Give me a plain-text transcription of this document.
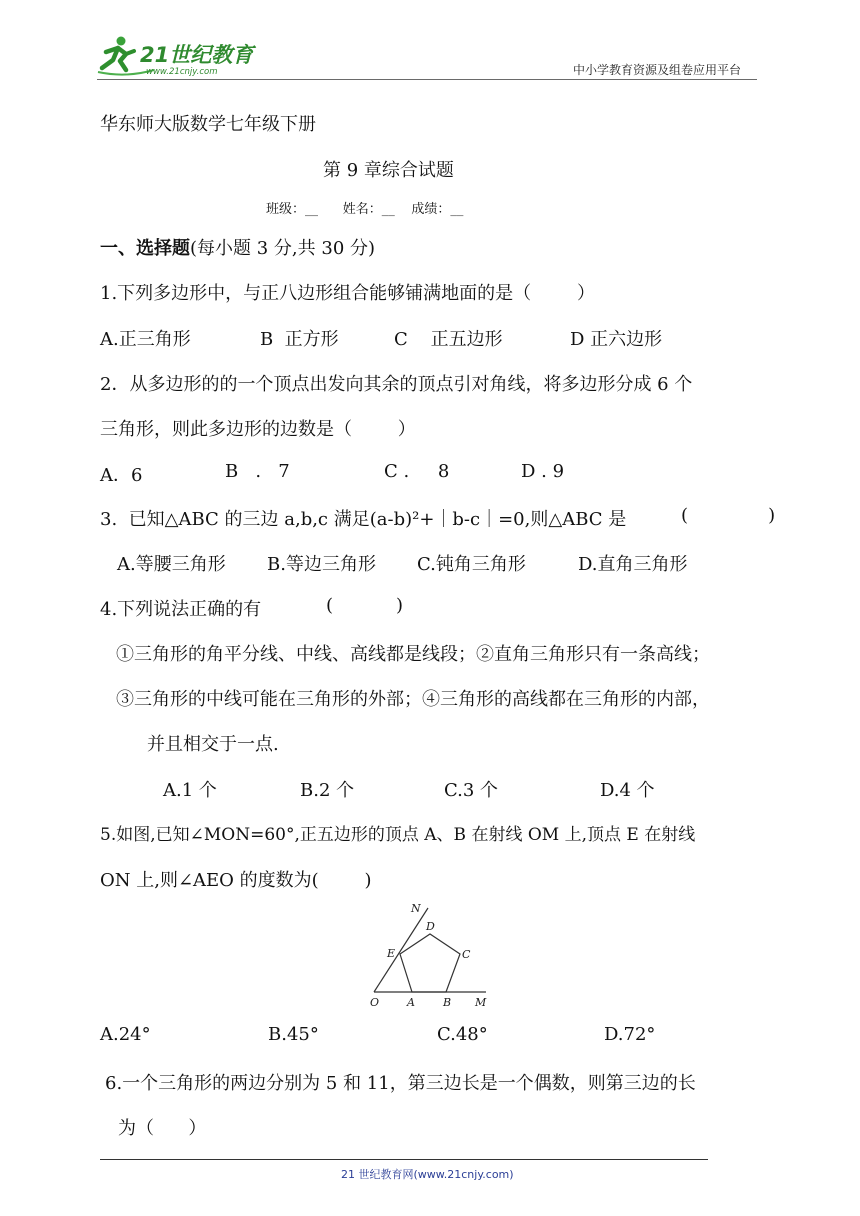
21世纪教育
www.21cnjy.com	中小学教育资源及组卷应用平台
华东师大版数学七年级下册
第 9 章综合试题
班级：__      姓名：__    成绩：__
一、选择题(每小题 3 分,共 30 分)
1.下列多边形中，与正八边形组合能够铺满地面的是（        ）
A.正三角形	B  正方形	C    正五边形	D 正六边形
2．从多边形的的一个顶点出发向其余的顶点引对角线，将多边形分成 6 个
三角形，则此多边形的边数是（        ）
A．6	B   .   7	C .     8	D . 9
3.  已知△ABC 的三边 a,b,c 满足(a-b)²+｜b-c｜=0,则△ABC 是	(              )
A.等腰三角形 B.等边三角形 C.钝角三角形	D.直角三角形
4.下列说法正确的有	(           )
①三角形的角平分线、中线、高线都是线段；②直角三角形只有一条高线；
③三角形的中线可能在三角形的外部；④三角形的高线都在三角形的内部，
并且相交于一点.
A.1 个	B.2 个	C.3 个	D.4 个
5.如图,已知∠MON=60°,正五边形的顶点 A、B 在射线 OM 上,顶点 E 在射线
ON 上,则∠AEO 的度数为(        )
N
D
E	C
O	A	B M
A.24°	B.45°	C.48°	D.72°
6.一个三角形的两边分别为 5 和 11，第三边长是一个偶数，则第三边的长
为（      ）
21 世纪教育网(www.21cnjy.com)
